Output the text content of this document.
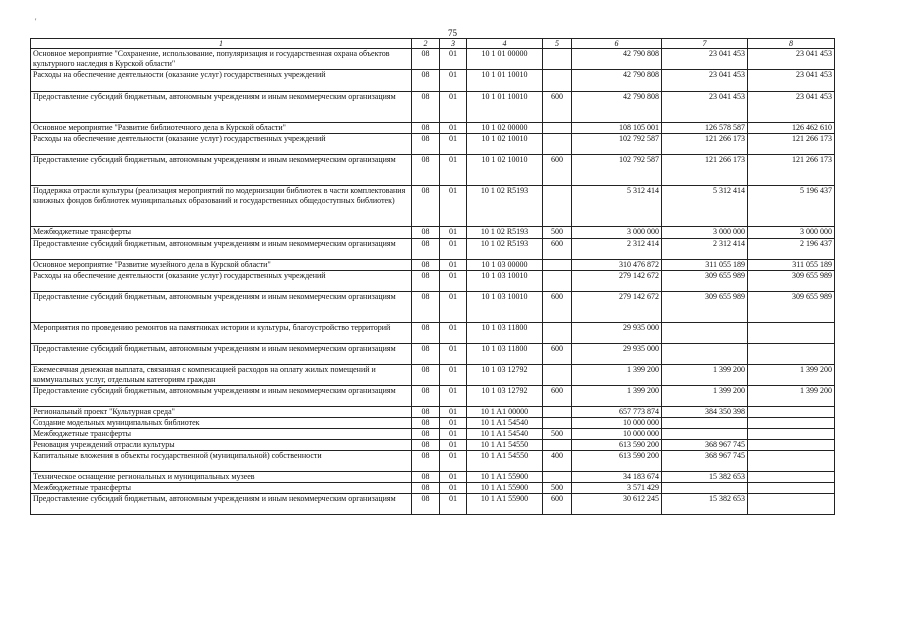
'
75
1	2	3	4	5	6	7	8
Основное мероприятие "Сохранение, использование, популяризация и государственная охрана объектов культурного наследия в Курской области"	08	01	10 1 01 00000		42 790 808	23 041 453	23 041 453
Расходы на обеспечение деятельности (оказание услуг) государственных учреждений	08	01	10 1 01 10010		42 790 808	23 041 453	23 041 453
Предоставление субсидий бюджетным, автономным учреждениям и иным некоммерческим организациям	08	01	10 1 01 10010	600	42 790 808	23 041 453	23 041 453
Основное мероприятие "Развитие библиотечного дела в Курской области"	08	01	10 1 02 00000		108 105 001	126 578 587	126 462 610
Расходы на обеспечение деятельности (оказание услуг) государственных учреждений	08	01	10 1 02 10010		102 792 587	121 266 173	121 266 173
Предоставление субсидий бюджетным, автономным учреждениям и иным некоммерческим организациям	08	01	10 1 02 10010	600	102 792 587	121 266 173	121 266 173
Поддержка отрасли культуры (реализация мероприятий по модернизации библиотек в части комплектования книжных фондов библиотек муниципальных образований и государственных общедоступных библиотек)	08	01	10 1 02 R5193		5 312 414	5 312 414	5 196 437
Межбюджетные трансферты	08	01	10 1 02 R5193	500	3 000 000	3 000 000	3 000 000
Предоставление субсидий бюджетным, автономным учреждениям и иным некоммерческим организациям	08	01	10 1 02 R5193	600	2 312 414	2 312 414	2 196 437
Основное мероприятие "Развитие музейного дела в Курской области"	08	01	10 1 03 00000		310 476 872	311 055 189	311 055 189
Расходы на обеспечение деятельности (оказание услуг) государственных учреждений	08	01	10 1 03 10010		279 142 672	309 655 989	309 655 989
Предоставление субсидий бюджетным, автономным учреждениям и иным некоммерческим организациям	08	01	10 1 03 10010	600	279 142 672	309 655 989	309 655 989
Мероприятия по проведению ремонтов на памятниках истории и культуры, благоустройство территорий	08	01	10 1 03 11800		29 935 000		
Предоставление субсидий бюджетным, автономным учреждениям и иным некоммерческим организациям	08	01	10 1 03 11800	600	29 935 000		
Ежемесячная денежная выплата, связанная с компенсацией расходов на оплату жилых помещений и коммунальных услуг, отдельным категориям граждан	08	01	10 1 03 12792		1 399 200	1 399 200	1 399 200
Предоставление субсидий бюджетным, автономным учреждениям и иным некоммерческим организациям	08	01	10 1 03 12792	600	1 399 200	1 399 200	1 399 200
Региональный проект "Культурная среда"	08	01	10 1 A1 00000		657 773 874	384 350 398	
Создание модельных муниципальных библиотек	08	01	10 1 A1 54540		10 000 000		
Межбюджетные трансферты	08	01	10 1 A1 54540	500	10 000 000		
Реновация учреждений отрасли культуры	08	01	10 1 A1 54550		613 590 200	368 967 745	
Капитальные вложения в объекты государственной (муниципальной) собственности	08	01	10 1 A1 54550	400	613 590 200	368 967 745	
Техническое оснащение региональных и муниципальных музеев	08	01	10 1 A1 55900		34 183 674	15 382 653	
Межбюджетные трансферты	08	01	10 1 A1 55900	500	3 571 429		
Предоставление субсидий бюджетным, автономным учреждениям и иным некоммерческим организациям	08	01	10 1 A1 55900	600	30 612 245	15 382 653	
